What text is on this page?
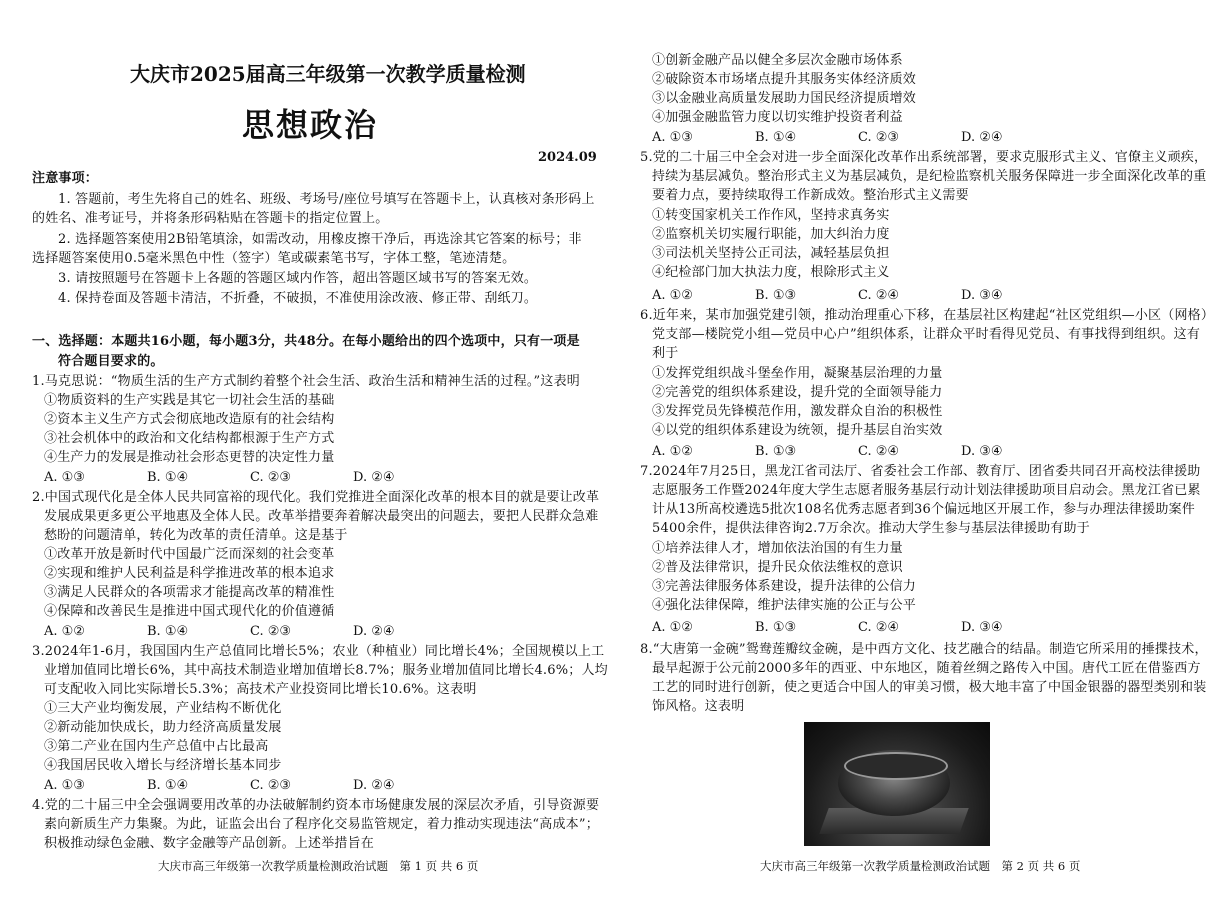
大庆市2025届高三年级第一次教学质量检测
思想政治
2024.09
注意事项：
1. 答题前，考生先将自己的姓名、班级、考场号/座位号填写在答题卡上，认真核对条形码上
的姓名、准考证号，并将条形码粘贴在答题卡的指定位置上。
2. 选择题答案使用2B铅笔填涂，如需改动，用橡皮擦干净后，再选涂其它答案的标号；非
选择题答案使用0.5毫米黑色中性（签字）笔或碳素笔书写，字体工整，笔迹清楚。
3. 请按照题号在答题卡上各题的答题区域内作答，超出答题区域书写的答案无效。
4. 保持卷面及答题卡清洁，不折叠，不破损，不准使用涂改液、修正带、刮纸刀。
一、选择题：本题共16小题，每小题3分，共48分。在每小题给出的四个选项中，只有一项是
符合题目要求的。
1.马克思说：“物质生活的生产方式制约着整个社会生活、政治生活和精神生活的过程。”这表明
①物质资料的生产实践是其它一切社会生活的基础
②资本主义生产方式会彻底地改造原有的社会结构
③社会机体中的政治和文化结构都根源于生产方式
④生产力的发展是推动社会形态更替的决定性力量
A. ①③	B. ①④	C. ②③	D. ②④
2.中国式现代化是全体人民共同富裕的现代化。我们党推进全面深化改革的根本目的就是要让改革
发展成果更多更公平地惠及全体人民。改革举措要奔着解决最突出的问题去，要把人民群众急难
愁盼的问题清单，转化为改革的责任清单。这是基于
①改革开放是新时代中国最广泛而深刻的社会变革
②实现和维护人民利益是科学推进改革的根本追求
③满足人民群众的各项需求才能提高改革的精准性
④保障和改善民生是推进中国式现代化的价值遵循
A. ①②	B. ①④	C. ②③	D. ②④
3.2024年1-6月，我国国内生产总值同比增长5%；农业（种植业）同比增长4%；全国规模以上工
业增加值同比增长6%，其中高技术制造业增加值增长8.7%；服务业增加值同比增长4.6%；人均
可支配收入同比实际增长5.3%；高技术产业投资同比增长10.6%。这表明
①三大产业均衡发展，产业结构不断优化
②新动能加快成长，助力经济高质量发展
③第二产业在国内生产总值中占比最高
④我国居民收入增长与经济增长基本同步
A. ①③	B. ①④	C. ②③	D. ②④
4.党的二十届三中全会强调要用改革的办法破解制约资本市场健康发展的深层次矛盾，引导资源要
素向新质生产力集聚。为此，证监会出台了程序化交易监管规定，着力推动实现违法“高成本”；
积极推动绿色金融、数字金融等产品创新。上述举措旨在
大庆市高三年级第一次教学质量检测政治试题　第 1 页 共 6 页
①创新金融产品以健全多层次金融市场体系
②破除资本市场堵点提升其服务实体经济质效
③以金融业高质量发展助力国民经济提质增效
④加强金融监管力度以切实维护投资者利益
A. ①③	B. ①④	C. ②③	D. ②④
5.党的二十届三中全会对进一步全面深化改革作出系统部署，要求克服形式主义、官僚主义顽疾，
持续为基层减负。整治形式主义为基层减负，是纪检监察机关服务保障进一步全面深化改革的重
要着力点，要持续取得工作新成效。整治形式主义需要
①转变国家机关工作作风，坚持求真务实
②监察机关切实履行职能，加大纠治力度
③司法机关坚持公正司法，减轻基层负担
④纪检部门加大执法力度，根除形式主义
A. ①②	B. ①③	C. ②④	D. ③④
6.近年来，某市加强党建引领，推动治理重心下移，在基层社区构建起“社区党组织—小区（网格）
党支部—楼院党小组—党员中心户”组织体系，让群众平时看得见党员、有事找得到组织。这有
利于
①发挥党组织战斗堡垒作用，凝聚基层治理的力量
②完善党的组织体系建设，提升党的全面领导能力
③发挥党员先锋模范作用，激发群众自治的积极性
④以党的组织体系建设为统领，提升基层自治实效
A. ①②	B. ①③	C. ②④	D. ③④
7.2024年7月25日，黑龙江省司法厅、省委社会工作部、教育厅、团省委共同召开高校法律援助
志愿服务工作暨2024年度大学生志愿者服务基层行动计划法律援助项目启动会。黑龙江省已累
计从13所高校遴选5批次108名优秀志愿者到36个偏远地区开展工作，参与办理法律援助案件
5400余件，提供法律咨询2.7万余次。推动大学生参与基层法律援助有助于
①培养法律人才，增加依法治国的有生力量
②普及法律常识，提升民众依法维权的意识
③完善法律服务体系建设，提升法律的公信力
④强化法律保障，维护法律实施的公正与公平
A. ①②	B. ①③	C. ②④	D. ③④
8.“大唐第一金碗”鸳鸯莲瓣纹金碗，是中西方文化、技艺融合的结晶。制造它所采用的捶揲技术，
最早起源于公元前2000多年的西亚、中东地区，随着丝绸之路传入中国。唐代工匠在借鉴西方
工艺的同时进行创新，使之更适合中国人的审美习惯，极大地丰富了中国金银器的器型类别和装
饰风格。这表明
大庆市高三年级第一次教学质量检测政治试题　第 2 页 共 6 页
